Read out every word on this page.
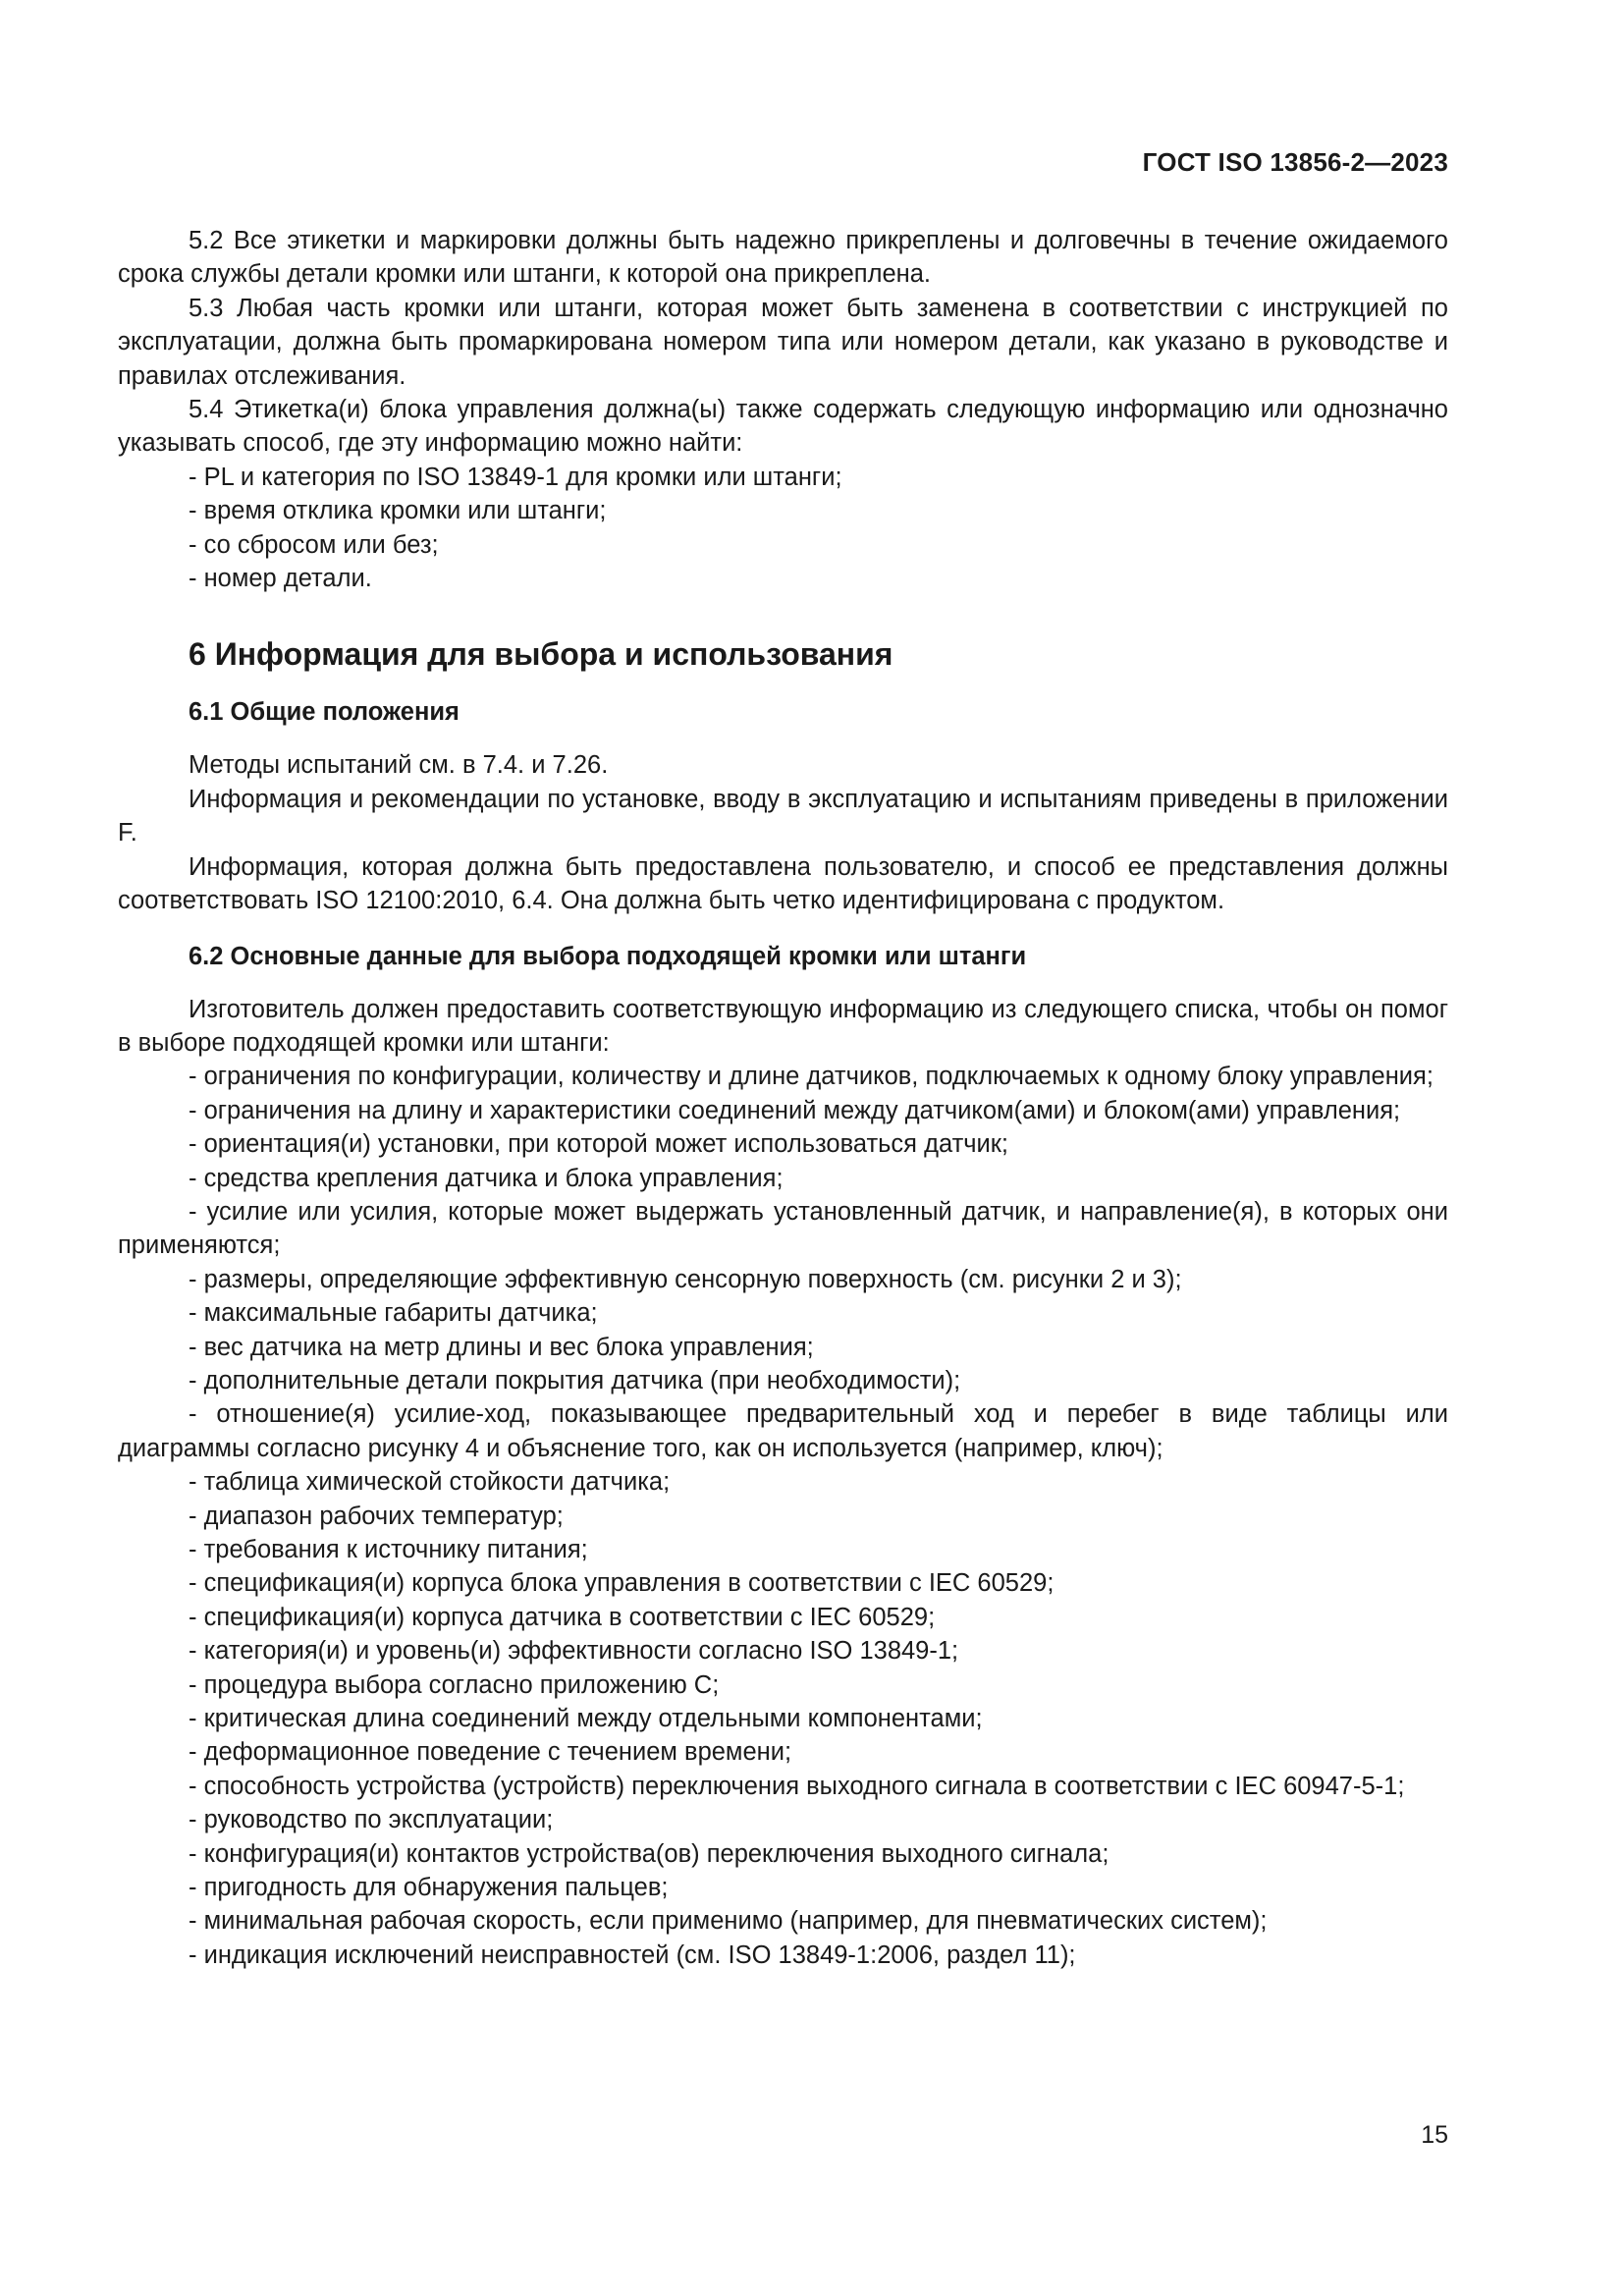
ГОСТ ISO 13856-2—2023

5.2 Все этикетки и маркировки должны быть надежно прикреплены и долговечны в течение ожидаемого срока службы детали кромки или штанги, к которой она прикреплена.

5.3 Любая часть кромки или штанги, которая может быть заменена в соответствии с инструкцией по эксплуатации, должна быть промаркирована номером типа или номером детали, как указано в руководстве и правилах отслеживания.

5.4 Этикетка(и) блока управления должна(ы) также содержать следующую информацию или однозначно указывать способ, где эту информацию можно найти:

- PL и категория по ISO 13849-1 для кромки или штанги;

- время отклика кромки или штанги;

- со сбросом или без;

- номер детали.

6 Информация для выбора и использования
6.1 Общие положения

Методы испытаний см. в 7.4. и 7.26.

Информация и рекомендации по установке, вводу в эксплуатацию и испытаниям приведены в приложении F.

Информация, которая должна быть предоставлена пользователю, и способ ее представления должны соответствовать ISO 12100:2010, 6.4. Она должна быть четко идентифицирована с продуктом.

6.2 Основные данные для выбора подходящей кромки или штанги

Изготовитель должен предоставить соответствующую информацию из следующего списка, чтобы он помог в выборе подходящей кромки или штанги:

- ограничения по конфигурации, количеству и длине датчиков, подключаемых к одному блоку управления;

- ограничения на длину и характеристики соединений между датчиком(ами) и блоком(ами) управления;

- ориентация(и) установки, при которой может использоваться датчик;

- средства крепления датчика и блока управления;

- усилие или усилия, которые может выдержать установленный датчик, и направление(я), в которых они применяются;

- размеры, определяющие эффективную сенсорную поверхность (см. рисунки 2 и 3);

- максимальные габариты датчика;

- вес датчика на метр длины и вес блока управления;

- дополнительные детали покрытия датчика (при необходимости);

- отношение(я) усилие-ход, показывающее предварительный ход и перебег в виде таблицы или диаграммы согласно рисунку 4 и объяснение того, как он используется (например, ключ);

- таблица химической стойкости датчика;

- диапазон рабочих температур;

- требования к источнику питания;

- спецификация(и) корпуса блока управления в соответствии с IEC 60529;

- спецификация(и) корпуса датчика в соответствии с IEC 60529;

- категория(и) и уровень(и) эффективности согласно ISO 13849-1;

- процедура выбора согласно приложению С;

- критическая длина соединений между отдельными компонентами;

- деформационное поведение с течением времени;

- способность устройства (устройств) переключения выходного сигнала в соответствии с IEC 60947-5-1;

- руководство по эксплуатации;

- конфигурация(и) контактов устройства(ов) переключения выходного сигнала;

- пригодность для обнаружения пальцев;

- минимальная рабочая скорость, если применимо (например, для пневматических систем);

- индикация исключений неисправностей (см. ISO 13849-1:2006, раздел 11);

15
